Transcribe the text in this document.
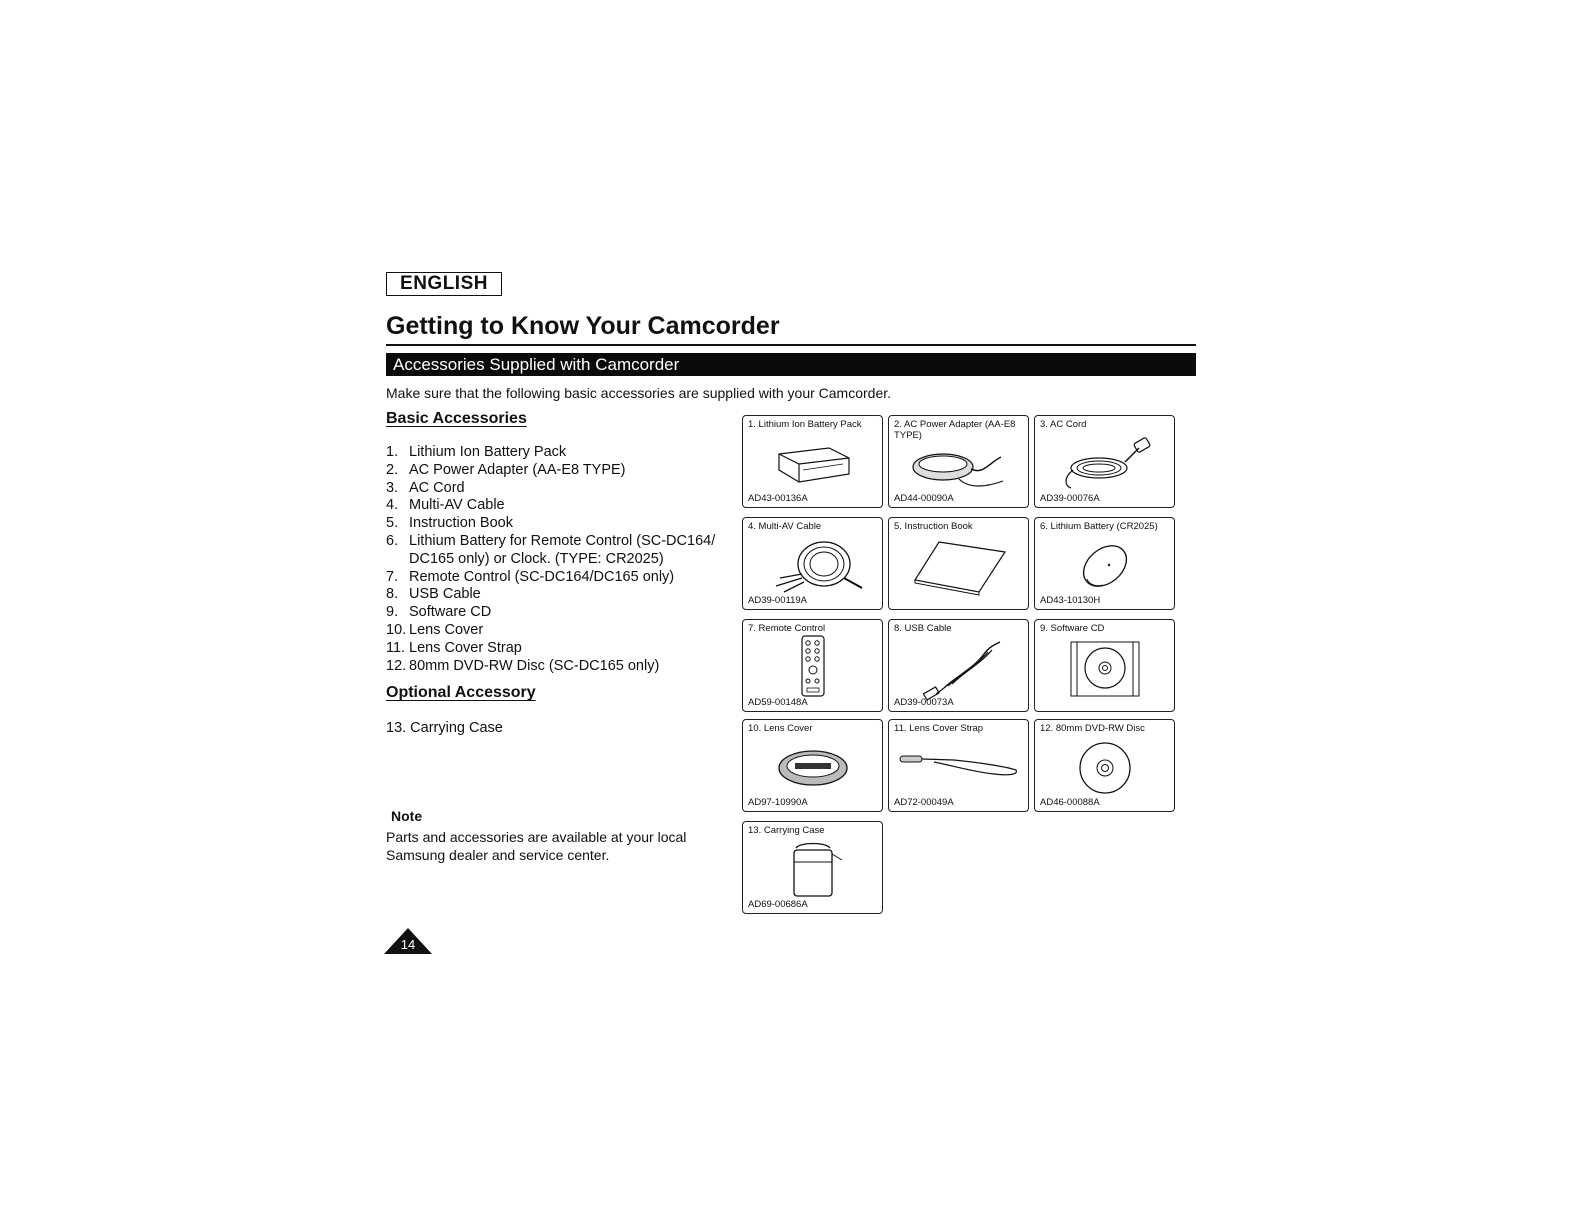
ENGLISH
Getting to Know Your Camcorder
Accessories Supplied with Camcorder
Make sure that the following basic accessories are supplied with your Camcorder.
Basic Accessories
1. Lithium Ion Battery Pack
2. AC Power Adapter (AA-E8 TYPE)
3. AC Cord
4. Multi-AV Cable
5. Instruction Book
6. Lithium Battery for Remote Control (SC-DC164/ DC165 only) or Clock. (TYPE: CR2025)
7. Remote Control (SC-DC164/DC165 only)
8. USB Cable
9. Software CD
10. Lens Cover
11. Lens Cover Strap
12. 80mm DVD-RW Disc (SC-DC165 only)
Optional Accessory
13. Carrying Case
Note
Parts and accessories are available at your local Samsung dealer and service center.
14
1. Lithium Ion Battery Pack
AD43-00136A
2. AC Power Adapter (AA-E8 TYPE)
AD44-00090A
3. AC Cord
AD39-00076A
4. Multi-AV Cable
AD39-00119A
5. Instruction Book	6. Lithium Battery (CR2025)
AD43-10130H
7. Remote Control
AD59-00148A
8. USB Cable
AD39-00073A
9. Software CD
10. Lens Cover
AD97-10990A
11. Lens Cover Strap
AD72-00049A
12. 80mm DVD-RW Disc
AD46-00088A
13. Carrying Case
AD69-00686A
